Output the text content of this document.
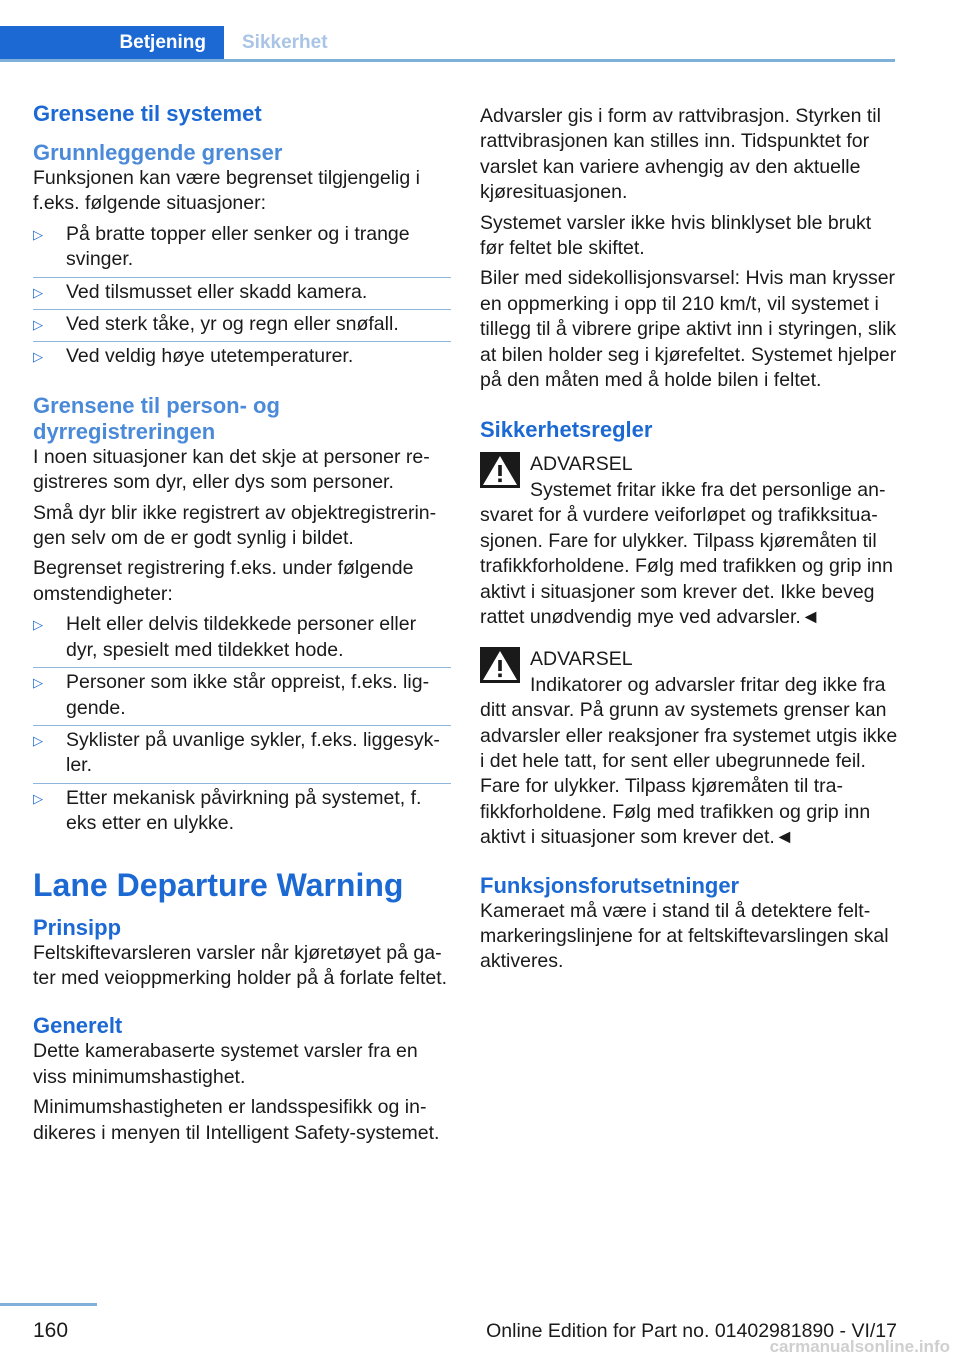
Betjening	Sikkerhet
Grensene til systemet
Grunnleggende grenser

Funksjonen kan være begrenset tilgjengelig i f.eks. følgende situasjoner:

▷ På bratte topper eller senker og i trange svinger.
▷ Ved tilsmusset eller skadd kamera.
▷ Ved sterk tåke, yr og regn eller snøfall.
▷ Ved veldig høye utetemperaturer.
Grensene til person- og dyrregistreringen

I noen situasjoner kan det skje at personer registreres som dyr, eller dys som personer.

Små dyr blir ikke registrert av objektregistreringen selv om de er godt synlig i bildet.

Begrenset registrering f.eks. under følgende omstendigheter:

▷ Helt eller delvis tildekkede personer eller dyr, spesielt med tildekket hode.
▷ Personer som ikke står oppreist, f.eks. liggende.
▷ Syklister på uvanlige sykler, f.eks. liggesykler.
▷ Etter mekanisk påvirkning på systemet, f. eks etter en ulykke.
Lane Departure Warning
Prinsipp

Feltskiftevarsleren varsler når kjøretøyet på gater med veioppmerking holder på å forlate feltet.

Generelt

Dette kamerabaserte systemet varsler fra en viss minimumshastighet.

Minimumshastigheten er landsspesifikk og indikeres i menyen til Intelligent Safety-systemet.

Advarsler gis i form av rattvibrasjon. Styrken til rattvibrasjonen kan stilles inn. Tidspunktet for varslet kan variere avhengig av den aktuelle kjøresituasjonen.

Systemet varsler ikke hvis blinklyset ble brukt før feltet ble skiftet.

Biler med sidekollisjonsvarsel: Hvis man krysser en oppmerking i opp til 210 km/t, vil systemet i tillegg til å vibrere gripe aktivt inn i styringen, slik at bilen holder seg i kjørefeltet. Systemet hjelper på den måten med å holde bilen i feltet.

Sikkerhetsregler
ADVARSEL

Systemet fritar ikke fra det personlige ansvaret for å vurdere veiforløpet og trafikksituasjonen. Fare for ulykker. Tilpass kjøremåten til trafikkforholdene. Følg med trafikken og grip inn aktivt i situasjoner som krever det. Ikke beveg rattet unødvendig mye ved advarsler.◄

ADVARSEL

Indikatorer og advarsler fritar deg ikke fra ditt ansvar. På grunn av systemets grenser kan advarsler eller reaksjoner fra systemet utgis ikke i det hele tatt, for sent eller ubegrunnede feil. Fare for ulykker. Tilpass kjøremåten til trafikkforholdene. Følg med trafikken og grip inn aktivt i situasjoner som krever det.◄

Funksjonsforutsetninger

Kameraet må være i stand til å detektere feltmarkeringslinjene for at feltskiftevarslingen skal aktiveres.

160	Online Edition for Part no. 01402981890 - VI/17
carmanualsonline.info
